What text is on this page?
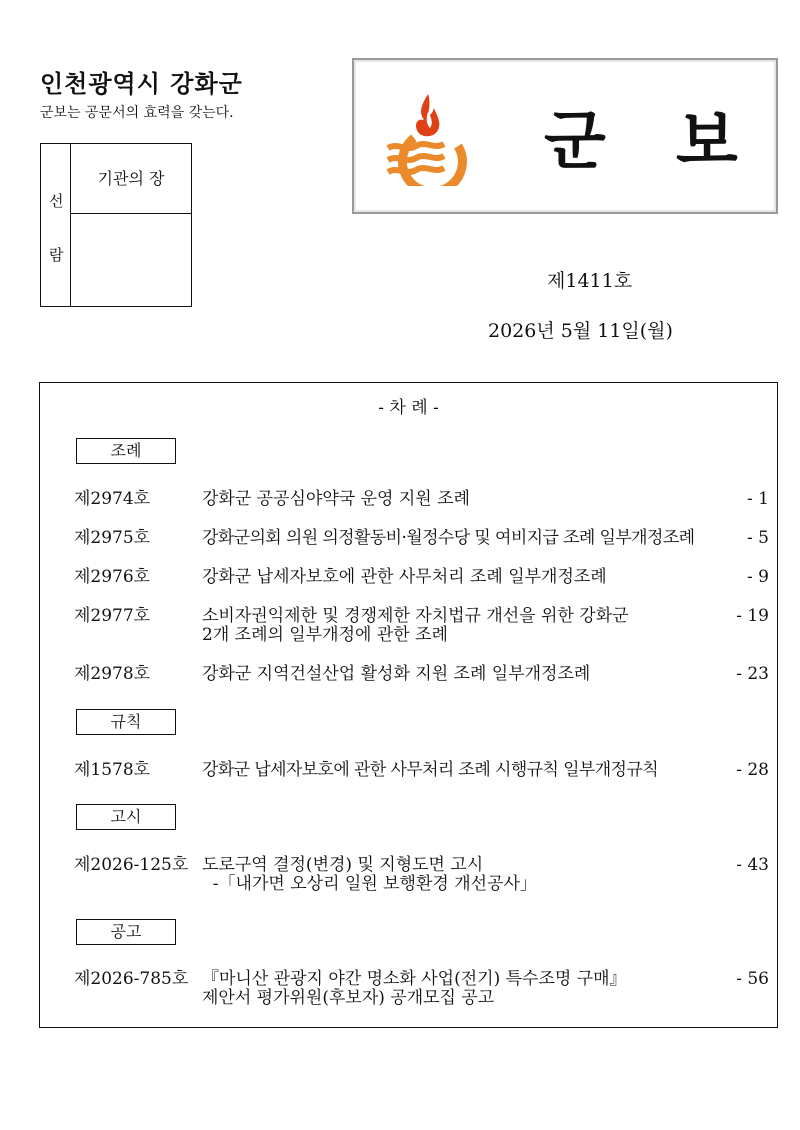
인천광역시 강화군
군보는 공문서의 효력을 갖는다.
선
람
기관의 장	군 보
제1411호
2026년 5월 11일(월)
- 차 례 -
조례
제2974호	강화군 공공심야약국 운영 지원 조례	- 1
제2975호	강화군의회 의원 의정활동비·월정수당 및 여비지급 조례 일부개정조례	- 5
제2976호	강화군 납세자보호에 관한 사무처리 조례 일부개정조례	- 9
제2977호	소비자권익제한 및 경쟁제한 자치법규 개선을 위한 강화군
2개 조례의 일부개정에 관한 조례
- 19
제2978호	강화군 지역건설산업 활성화 지원 조례 일부개정조례	- 23
규칙
제1578호	강화군 납세자보호에 관한 사무처리 조례 시행규칙 일부개정규칙	- 28
고시
제2026-125호 도로구역 결정(변경) 및 지형도면 고시
-「내가면 오상리 일원 보행환경 개선공사」
- 43
공고
제2026-785호 『마니산 관광지 야간 명소화 사업(전기) 특수조명 구매』
제안서 평가위원(후보자) 공개모집 공고
- 56
